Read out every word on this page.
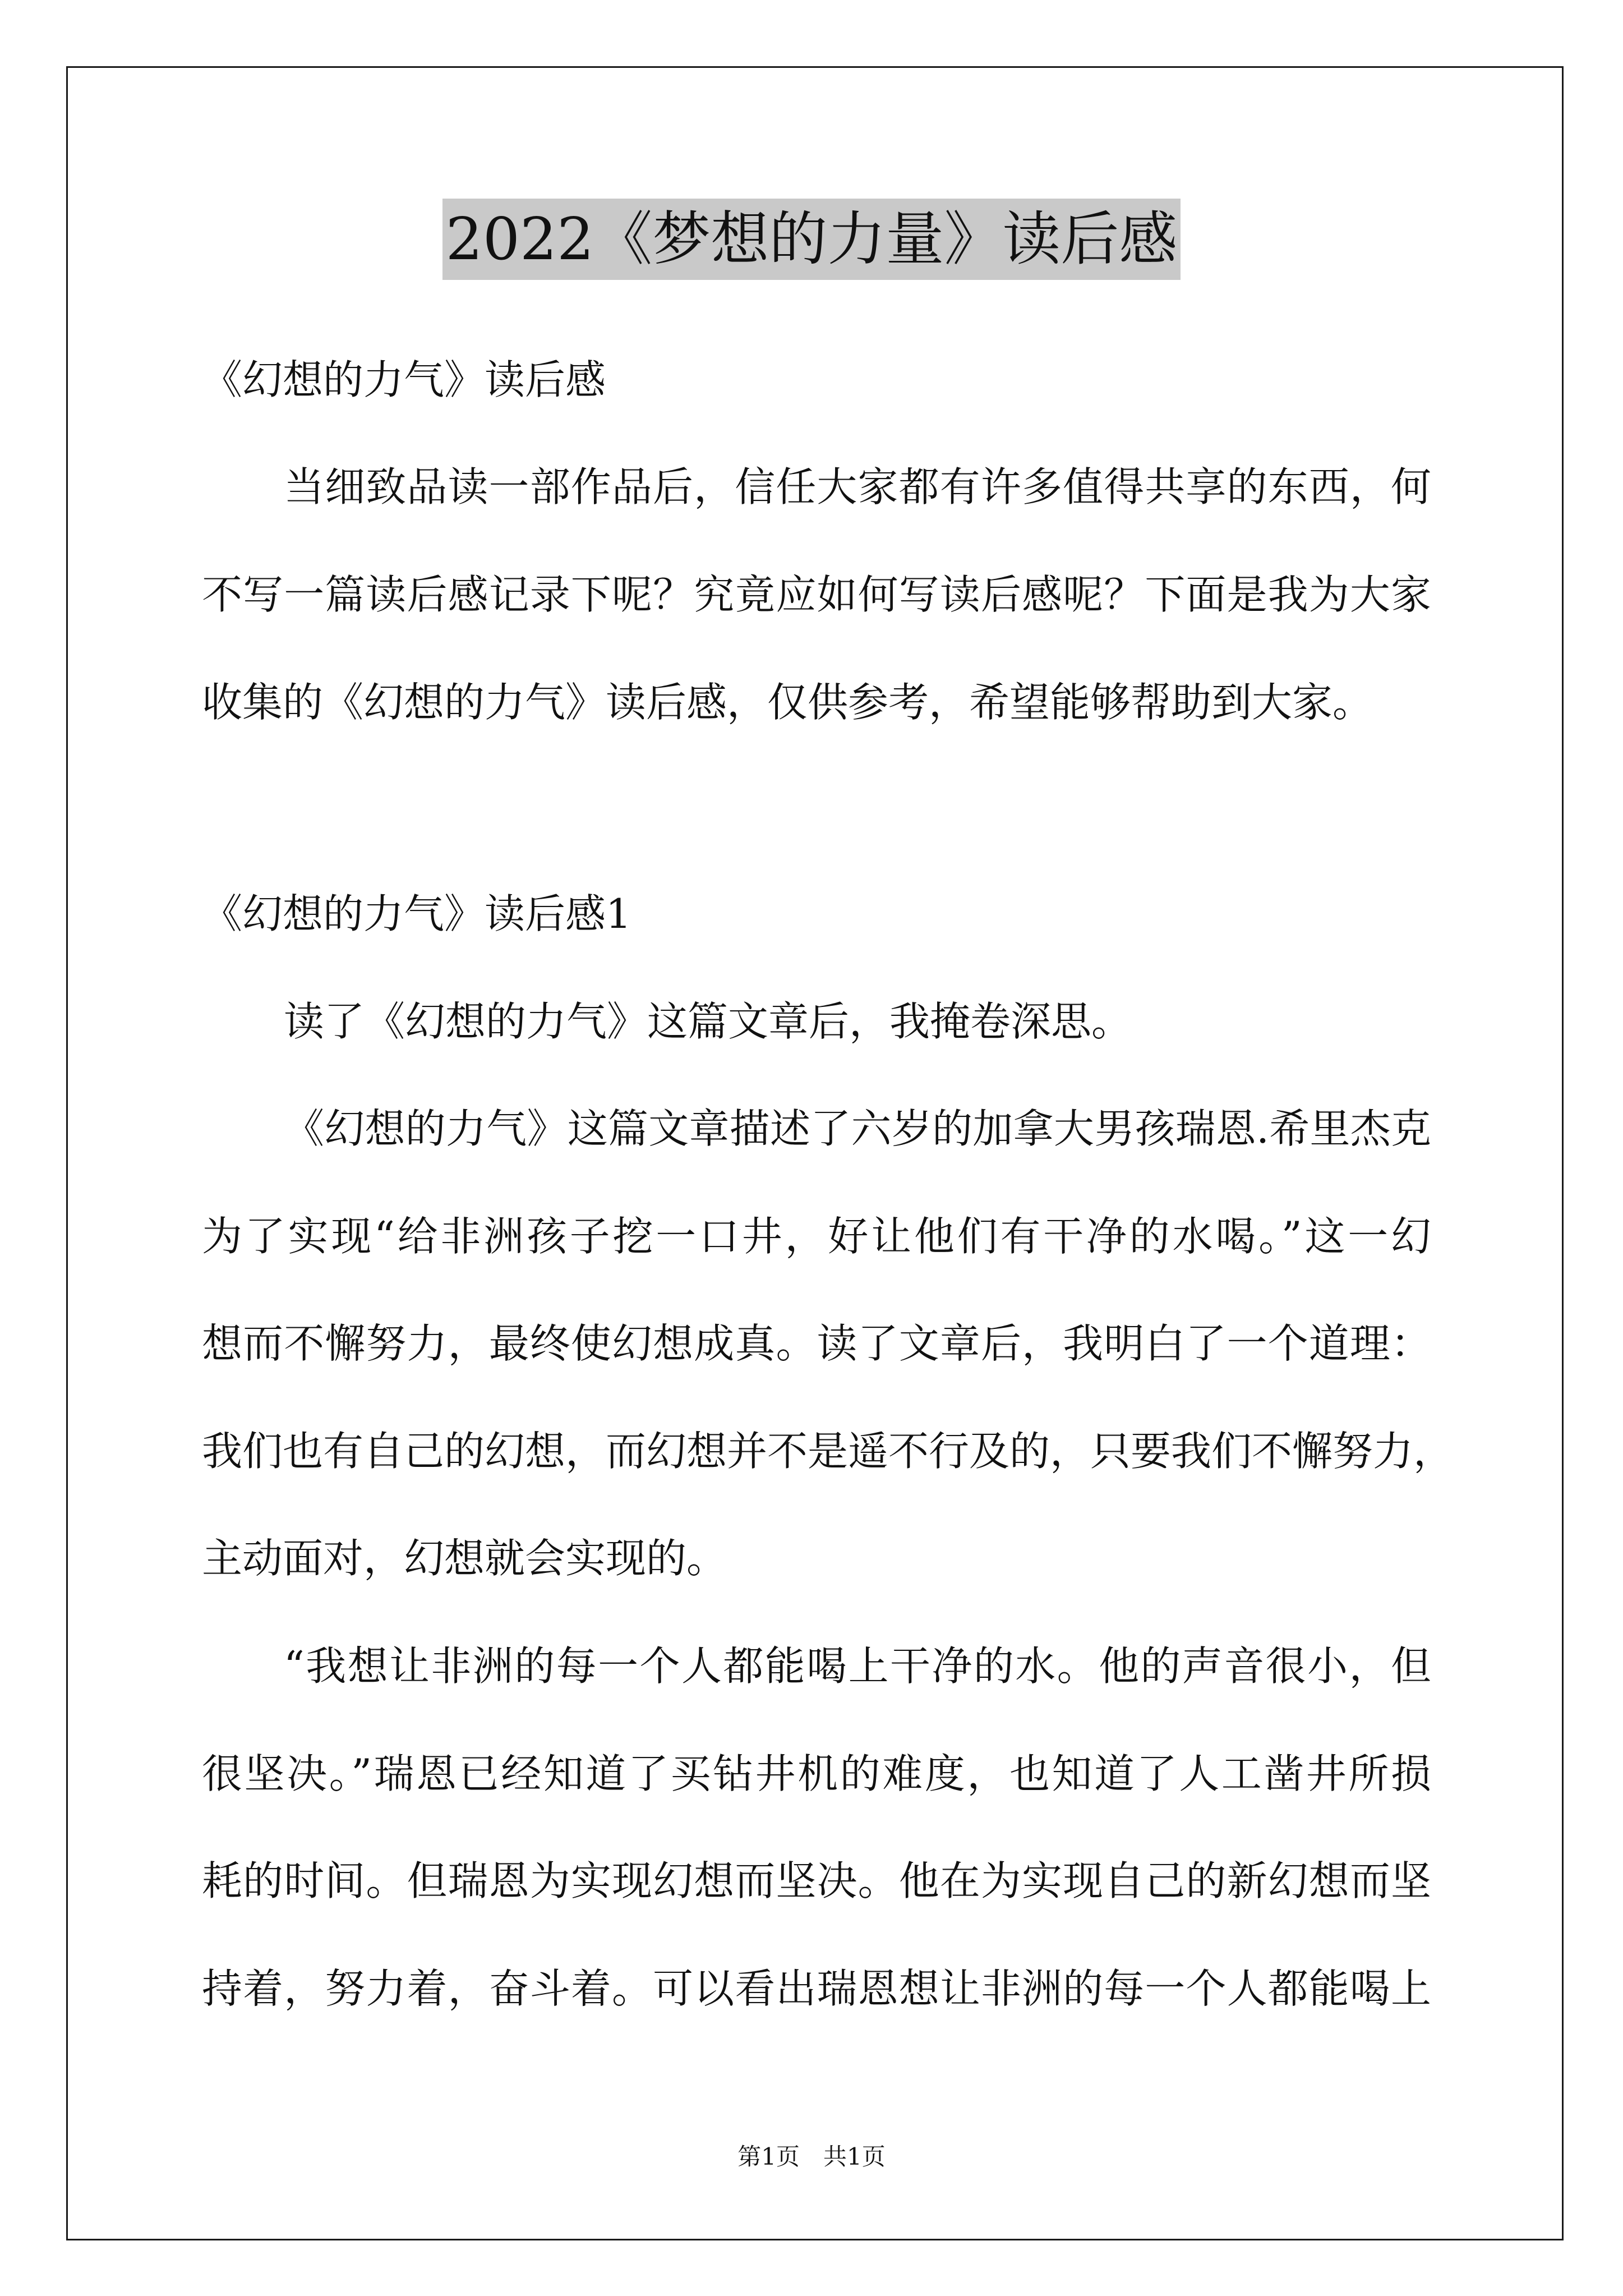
2022《梦想的力量》读后感
《幻想的力气》读后感
当细致品读一部作品后，信任大家都有许多值得共享的东西，何
不写一篇读后感记录下呢？究竟应如何写读后感呢？下面是我为大家
收集的《幻想的力气》读后感，仅供参考，希望能够帮助到大家。
《幻想的力气》读后感1
读了《幻想的力气》这篇文章后，我掩卷深思。
《幻想的力气》这篇文章描述了六岁的加拿大男孩瑞恩.希里杰克
为了实现“给非洲孩子挖一口井，好让他们有干净的水喝。”这一幻
想而不懈努力，最终使幻想成真。读了文章后，我明白了一个道理：
我们也有自己的幻想，而幻想并不是遥不行及的，只要我们不懈努力，
主动面对，幻想就会实现的。
“我想让非洲的每一个人都能喝上干净的水。他的声音很小，但
很坚决。”瑞恩已经知道了买钻井机的难度，也知道了人工凿井所损
耗的时间。但瑞恩为实现幻想而坚决。他在为实现自己的新幻想而坚
持着，努力着，奋斗着。可以看出瑞恩想让非洲的每一个人都能喝上
第1页　共1页
